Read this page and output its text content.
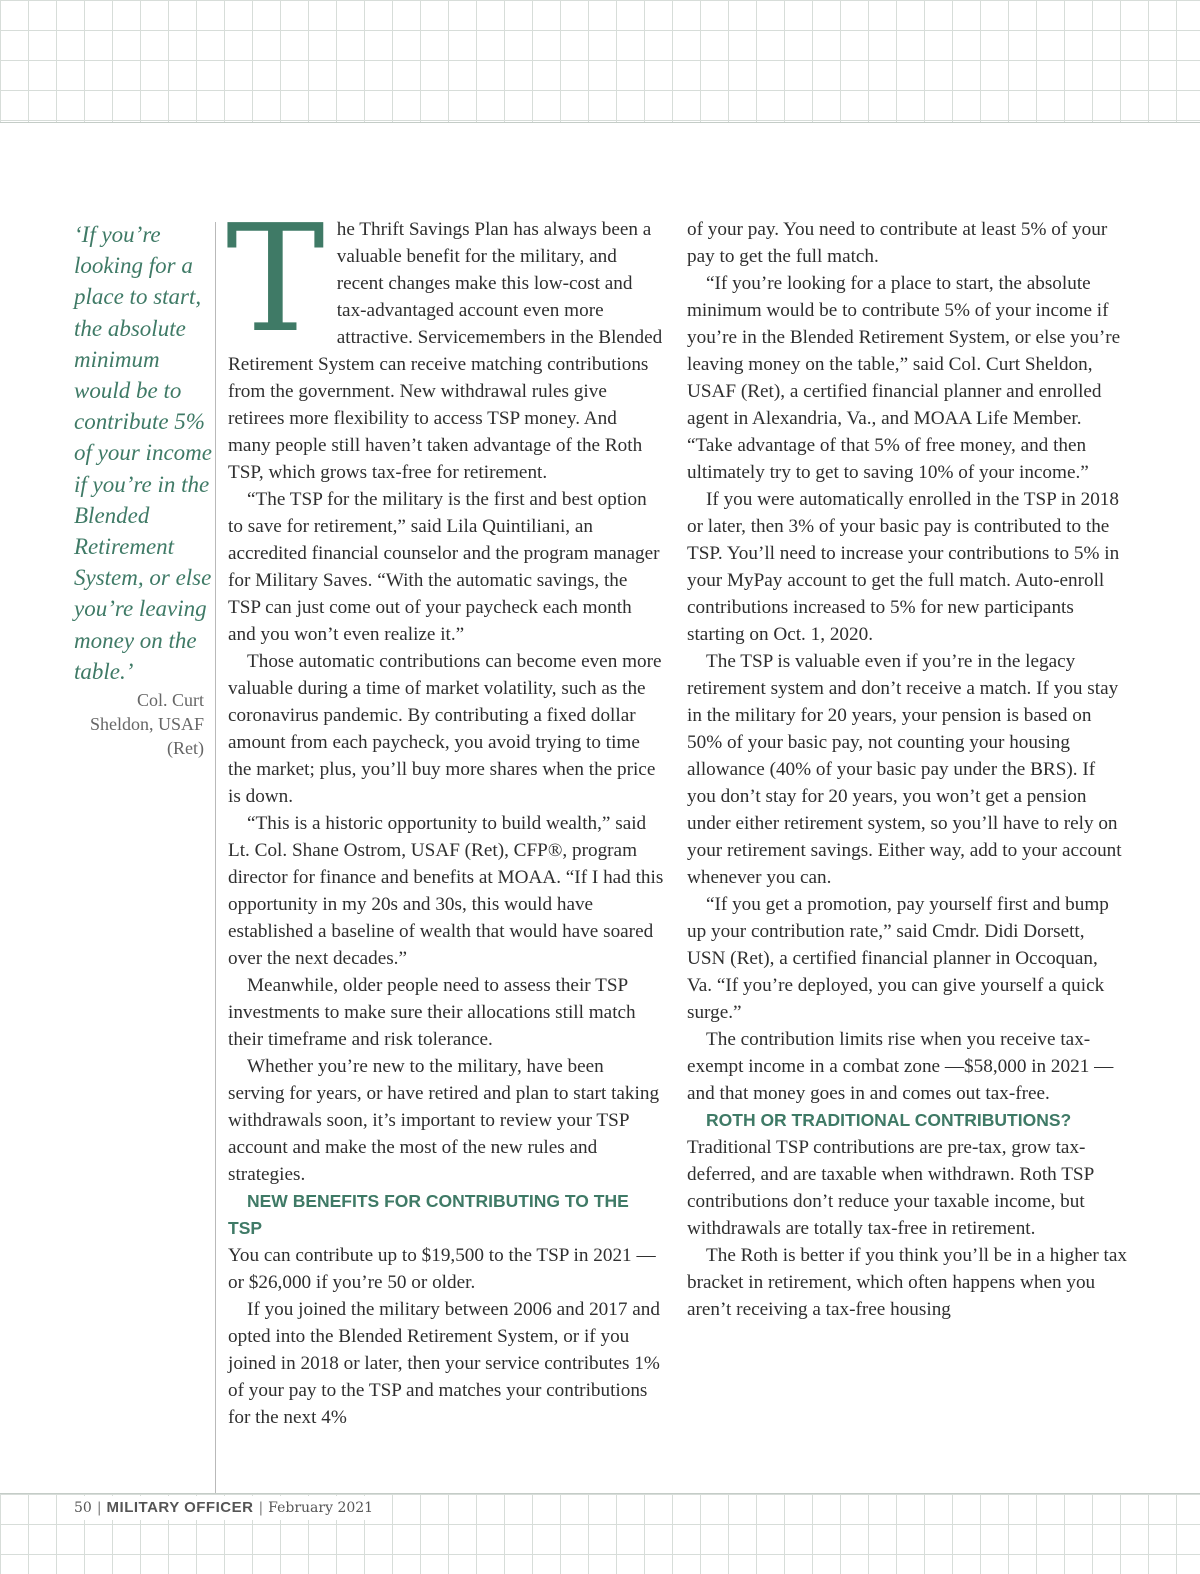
‘If you’re looking for a place to start, the absolute minimum would be to contribute 5% of your income if you’re in the Blended Retirement System, or else you’re leaving money on the table.’
Col. Curt Sheldon, USAF (Ret)

The Thrift Savings Plan has always been a valuable benefit for the military, and recent changes make this low-cost and tax-advantaged account even more attractive. Servicemembers in the Blended Retirement System can receive matching contributions from the government. New withdrawal rules give retirees more flexibility to access TSP money. And many people still haven’t taken advantage of the Roth TSP, which grows tax-free for retirement.

“The TSP for the military is the first and best option to save for retirement,” said Lila Quintiliani, an accredited financial counselor and the program manager for Military Saves. “With the automatic savings, the TSP can just come out of your paycheck each month and you won’t even realize it.”

Those automatic contributions can become even more valuable during a time of market volatility, such as the coronavirus pandemic. By contributing a fixed dollar amount from each paycheck, you avoid trying to time the market; plus, you’ll buy more shares when the price is down.

“This is a historic opportunity to build wealth,” said Lt. Col. Shane Ostrom, USAF (Ret), CFP®, program director for finance and benefits at MOAA. “If I had this opportunity in my 20s and 30s, this would have established a baseline of wealth that would have soared over the next decades.”

Meanwhile, older people need to assess their TSP investments to make sure their allocations still match their timeframe and risk tolerance.

Whether you’re new to the military, have been serving for years, or have retired and plan to start taking withdrawals soon, it’s important to review your TSP account and make the most of the new rules and strategies.

NEW BENEFITS FOR CONTRIBUTING TO THE TSP

You can contribute up to $19,500 to the TSP in 2021 — or $26,000 if you’re 50 or older.

If you joined the military between 2006 and 2017 and opted into the Blended Retirement System, or if you joined in 2018 or later, then your service contributes 1% of your pay to the TSP and matches your contributions for the next 4%

of your pay. You need to contribute at least 5% of your pay to get the full match.

“If you’re looking for a place to start, the absolute minimum would be to contribute 5% of your income if you’re in the Blended Retirement System, or else you’re leaving money on the table,” said Col. Curt Sheldon, USAF (Ret), a certified financial planner and enrolled agent in Alexandria, Va., and MOAA Life Member. “Take advantage of that 5% of free money, and then ultimately try to get to saving 10% of your income.”

If you were automatically enrolled in the TSP in 2018 or later, then 3% of your basic pay is contributed to the TSP. You’ll need to increase your contributions to 5% in your MyPay account to get the full match. Auto-enroll contributions increased to 5% for new participants starting on Oct. 1, 2020.

The TSP is valuable even if you’re in the legacy retirement system and don’t receive a match. If you stay in the military for 20 years, your pension is based on 50% of your basic pay, not counting your housing allowance (40% of your basic pay under the BRS). If you don’t stay for 20 years, you won’t get a pension under either retirement system, so you’ll have to rely on your retirement savings. Either way, add to your account whenever you can.

“If you get a promotion, pay yourself first and bump up your contribution rate,” said Cmdr. Didi Dorsett, USN (Ret), a certified financial planner in Occoquan, Va. “If you’re deployed, you can give yourself a quick surge.”

The contribution limits rise when you receive tax-exempt income in a combat zone —$58,000 in 2021 — and that money goes in and comes out tax-free.

ROTH OR TRADITIONAL CONTRIBUTIONS?

Traditional TSP contributions are pre-tax, grow tax-deferred, and are taxable when withdrawn. Roth TSP contributions don’t reduce your taxable income, but withdrawals are totally tax-free in retirement.

The Roth is better if you think you’ll be in a higher tax bracket in retirement, which often happens when you aren’t receiving a tax-free housing

50 | MILITARY OFFICER | February 2021
